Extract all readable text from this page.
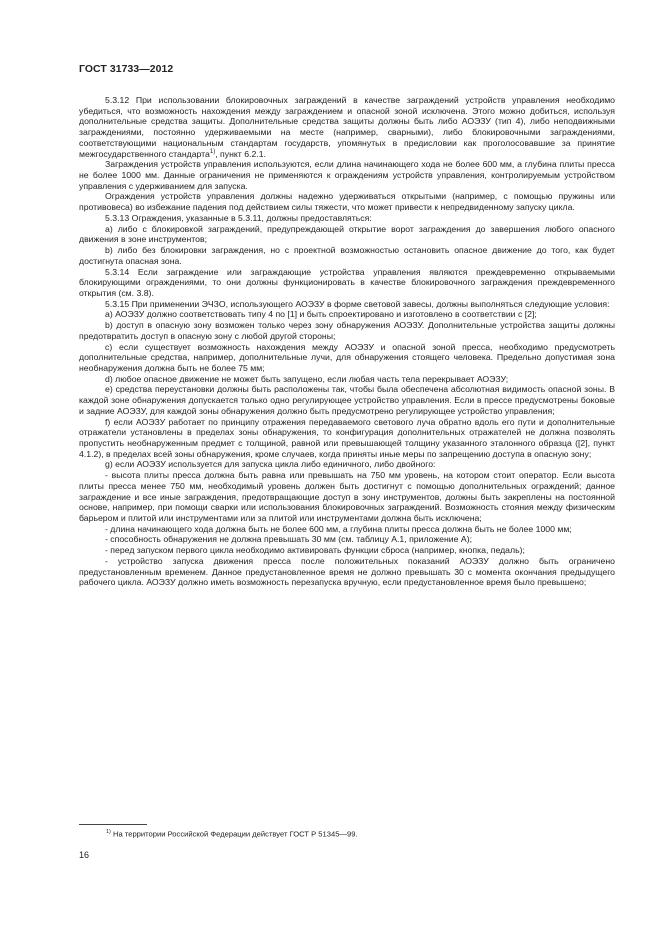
ГОСТ 31733—2012

5.3.12 При использовании блокировочных заграждений в качестве заграждений устройств управления необходимо убедиться, что возможность нахождения между заграждением и опасной зоной исключена. Этого можно добиться, используя дополнительные средства защиты. Дополнительные средства защиты должны быть либо АОЭЗУ (тип 4), либо неподвижными заграждениями, постоянно удерживаемыми на месте (например, сварными), либо блокировочными заграждениями, соответствующими национальным стандартам государств, упомянутых в предисловии как проголосовавшие за принятие межгосударственного стандарта$^{1)}$, пункт 6.2.1.

Заграждения устройств управления используются, если длина начинающего хода не более 600 мм, а глубина плиты пресса не более 1000 мм. Данные ограничения не применяются к ограждениям устройств управления, контролируемым устройством управления с удерживанием для запуска.

Ограждения устройств управления должны надежно удерживаться открытыми (например, с помощью пружины или противовеса) во избежание падения под действием силы тяжести, что может привести к непредвиденному запуску цикла.

5.3.13 Ограждения, указанные в 5.3.11, должны предоставляться:

a) либо с блокировкой заграждений, предупреждающей открытие ворот заграждения до завершения любого опасного движения в зоне инструментов;

b) либо без блокировки заграждения, но с проектной возможностью остановить опасное движение до того, как будет достигнута опасная зона.

5.3.14 Если заграждение или заграждающие устройства управления являются преждевременно открываемыми блокирующими ограждениями, то они должны функционировать в качестве блокировочного заграждения преждевременного открытия (см. 3.8).

5.3.15 При применении ЭЧЗО, использующего АОЭЗУ в форме световой завесы, должны выполняться следующие условия:

a) АОЭЗУ должно соответствовать типу 4 по [1] и быть спроектировано и изготовлено в соответствии с [2];

b) доступ в опасную зону возможен только через зону обнаружения АОЭЗУ. Дополнительные устройства защиты должны предотвратить доступ в опасную зону с любой другой стороны;

c) если существует возможность нахождения между АОЭЗУ и опасной зоной пресса, необходимо предусмотреть дополнительные средства, например, дополнительные лучи, для обнаружения стоящего человека. Предельно допустимая зона необнаружения должна быть не более 75 мм;

d) любое опасное движение не может быть запущено, если любая часть тела перекрывает АОЭЗУ;

e) средства переустановки должны быть расположены так, чтобы была обеспечена абсолютная видимость опасной зоны. В каждой зоне обнаружения допускается только одно регулирующее устройство управления. Если в прессе предусмотрены боковые и задние АОЭЗУ, для каждой зоны обнаружения должно быть предусмотрено регулирующее устройство управления;

f) если АОЭЗУ работает по принципу отражения передаваемого светового луча обратно вдоль его пути и дополнительные отражатели установлены в пределах зоны обнаружения, то конфигурация дополнительных отражателей не должна позволять пропустить необнаруженным предмет с толщиной, равной или превышающей толщину указанного эталонного образца ([2], пункт 4.1.2), в пределах всей зоны обнаружения, кроме случаев, когда приняты иные меры по запрещению доступа в опасную зону;

g) если АОЭЗУ используется для запуска цикла либо единичного, либо двойного:

- высота плиты пресса должна быть равна или превышать на 750 мм уровень, на котором стоит оператор. Если высота плиты пресса менее 750 мм, необходимый уровень должен быть достигнут с помощью дополнительных ограждений; данное заграждение и все иные заграждения, предотвращающие доступ в зону инструментов, должны быть закреплены на постоянной основе, например, при помощи сварки или использования блокировочных заграждений. Возможность стояния между физическим барьером и плитой или инструментами или за плитой или инструментами должна быть исключена;

- длина начинающего хода должна быть не более 600 мм, а глубина плиты пресса должна быть не более 1000 мм;

- способность обнаружения не должна превышать 30 мм (см. таблицу А.1, приложение А);

- перед запуском первого цикла необходимо активировать функции сброса (например, кнопка, педаль);

- устройство запуска движения пресса после положительных показаний АОЭЗУ должно быть ограничено предустановленным временем. Данное предустановленное время не должно превышать 30 с момента окончания предыдущего рабочего цикла. АОЭЗУ должно иметь возможность перезапуска вручную, если предустановленное время было превышено;

$^{1)}$ На территории Российской Федерации действует ГОСТ Р 51345—99.
16
